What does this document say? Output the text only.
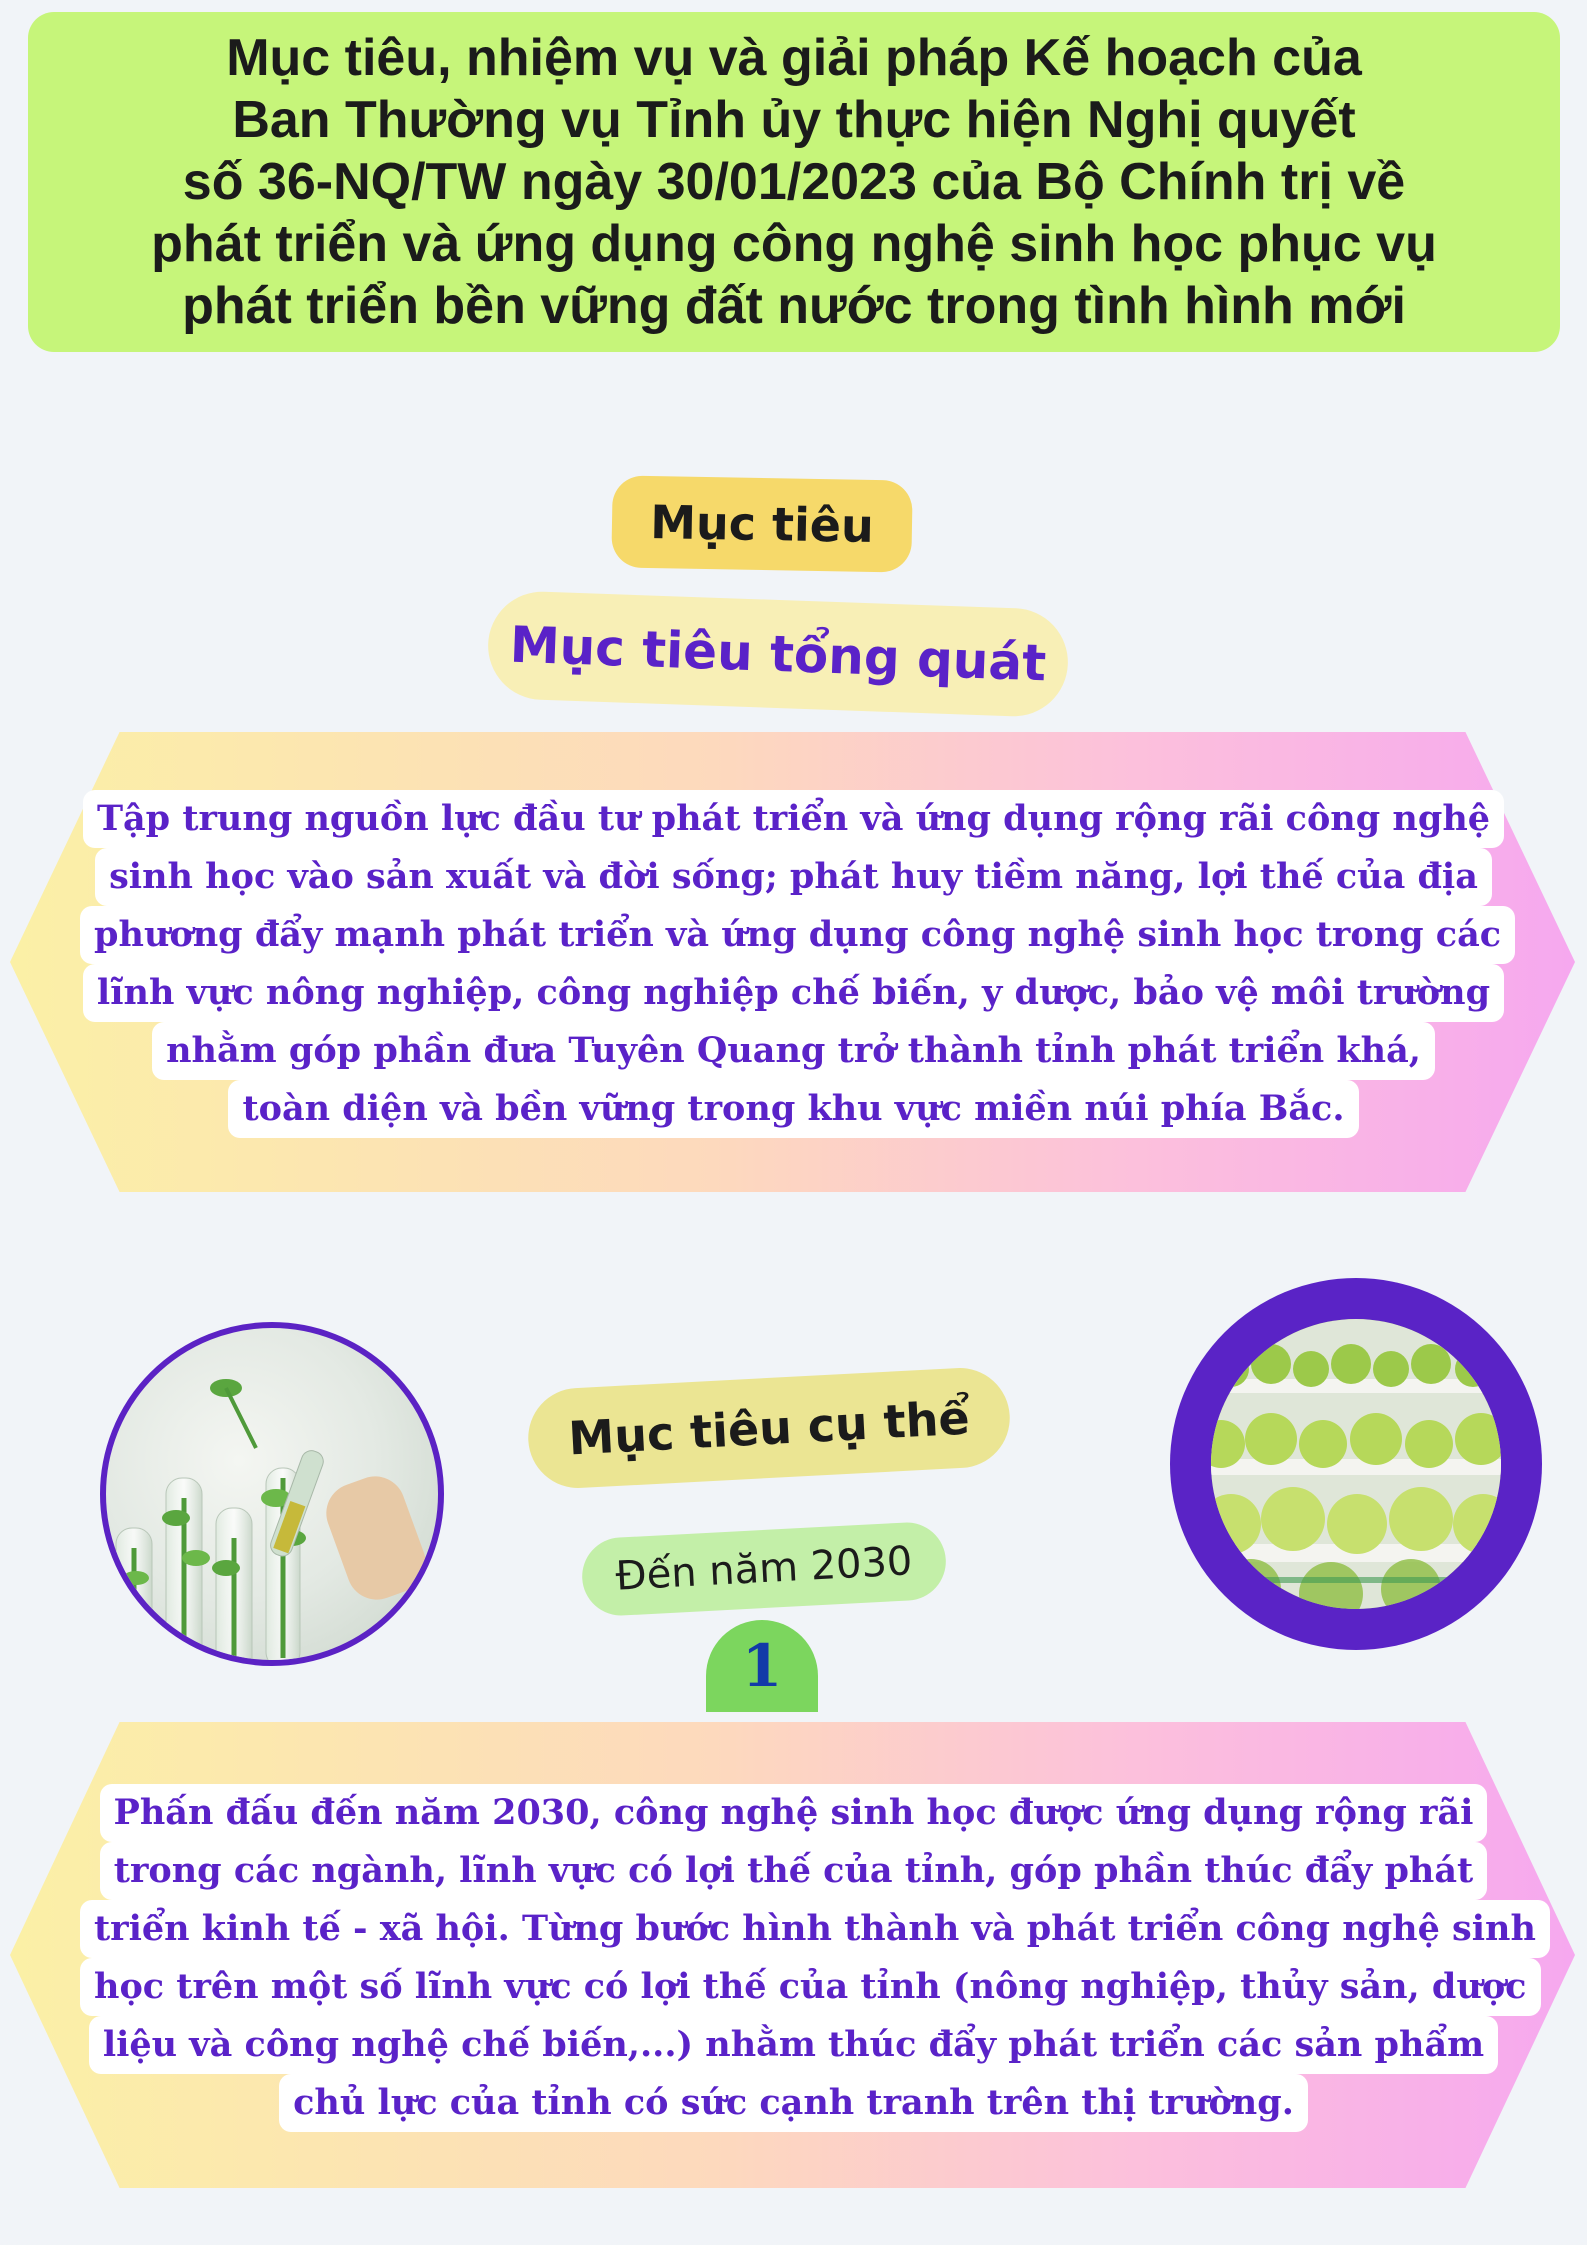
Mục tiêu, nhiệm vụ và giải pháp Kế hoạch của
Ban Thường vụ Tỉnh ủy thực hiện Nghị quyết
số 36-NQ/TW ngày 30/01/2023 của Bộ Chính trị về
phát triển và ứng dụng công nghệ sinh học phục vụ
phát triển bền vững đất nước trong tình hình mới
Mục tiêu
Mục tiêu tổng quát
Tập trung nguồn lực đầu tư phát triển và ứng dụng rộng rãi công nghệ
sinh học vào sản xuất và đời sống; phát huy tiềm năng, lợi thế của địa
phương đẩy mạnh phát triển và ứng dụng công nghệ sinh học trong các
lĩnh vực nông nghiệp, công nghiệp chế biến, y dược, bảo vệ môi trường
nhằm góp phần đưa Tuyên Quang trở thành tỉnh phát triển khá,
toàn diện và bền vững trong khu vực miền núi phía Bắc.
Mục tiêu cụ thể
Đến năm 2030
1
Phấn đấu đến năm 2030, công nghệ sinh học được ứng dụng rộng rãi
trong các ngành, lĩnh vực có lợi thế của tỉnh, góp phần thúc đẩy phát
triển kinh tế - xã hội. Từng bước hình thành và phát triển công nghệ sinh
học trên một số lĩnh vực có lợi thế của tỉnh (nông nghiệp, thủy sản, dược
liệu và công nghệ chế biến,...) nhằm thúc đẩy phát triển các sản phẩm
chủ lực của tỉnh có sức cạnh tranh trên thị trường.
